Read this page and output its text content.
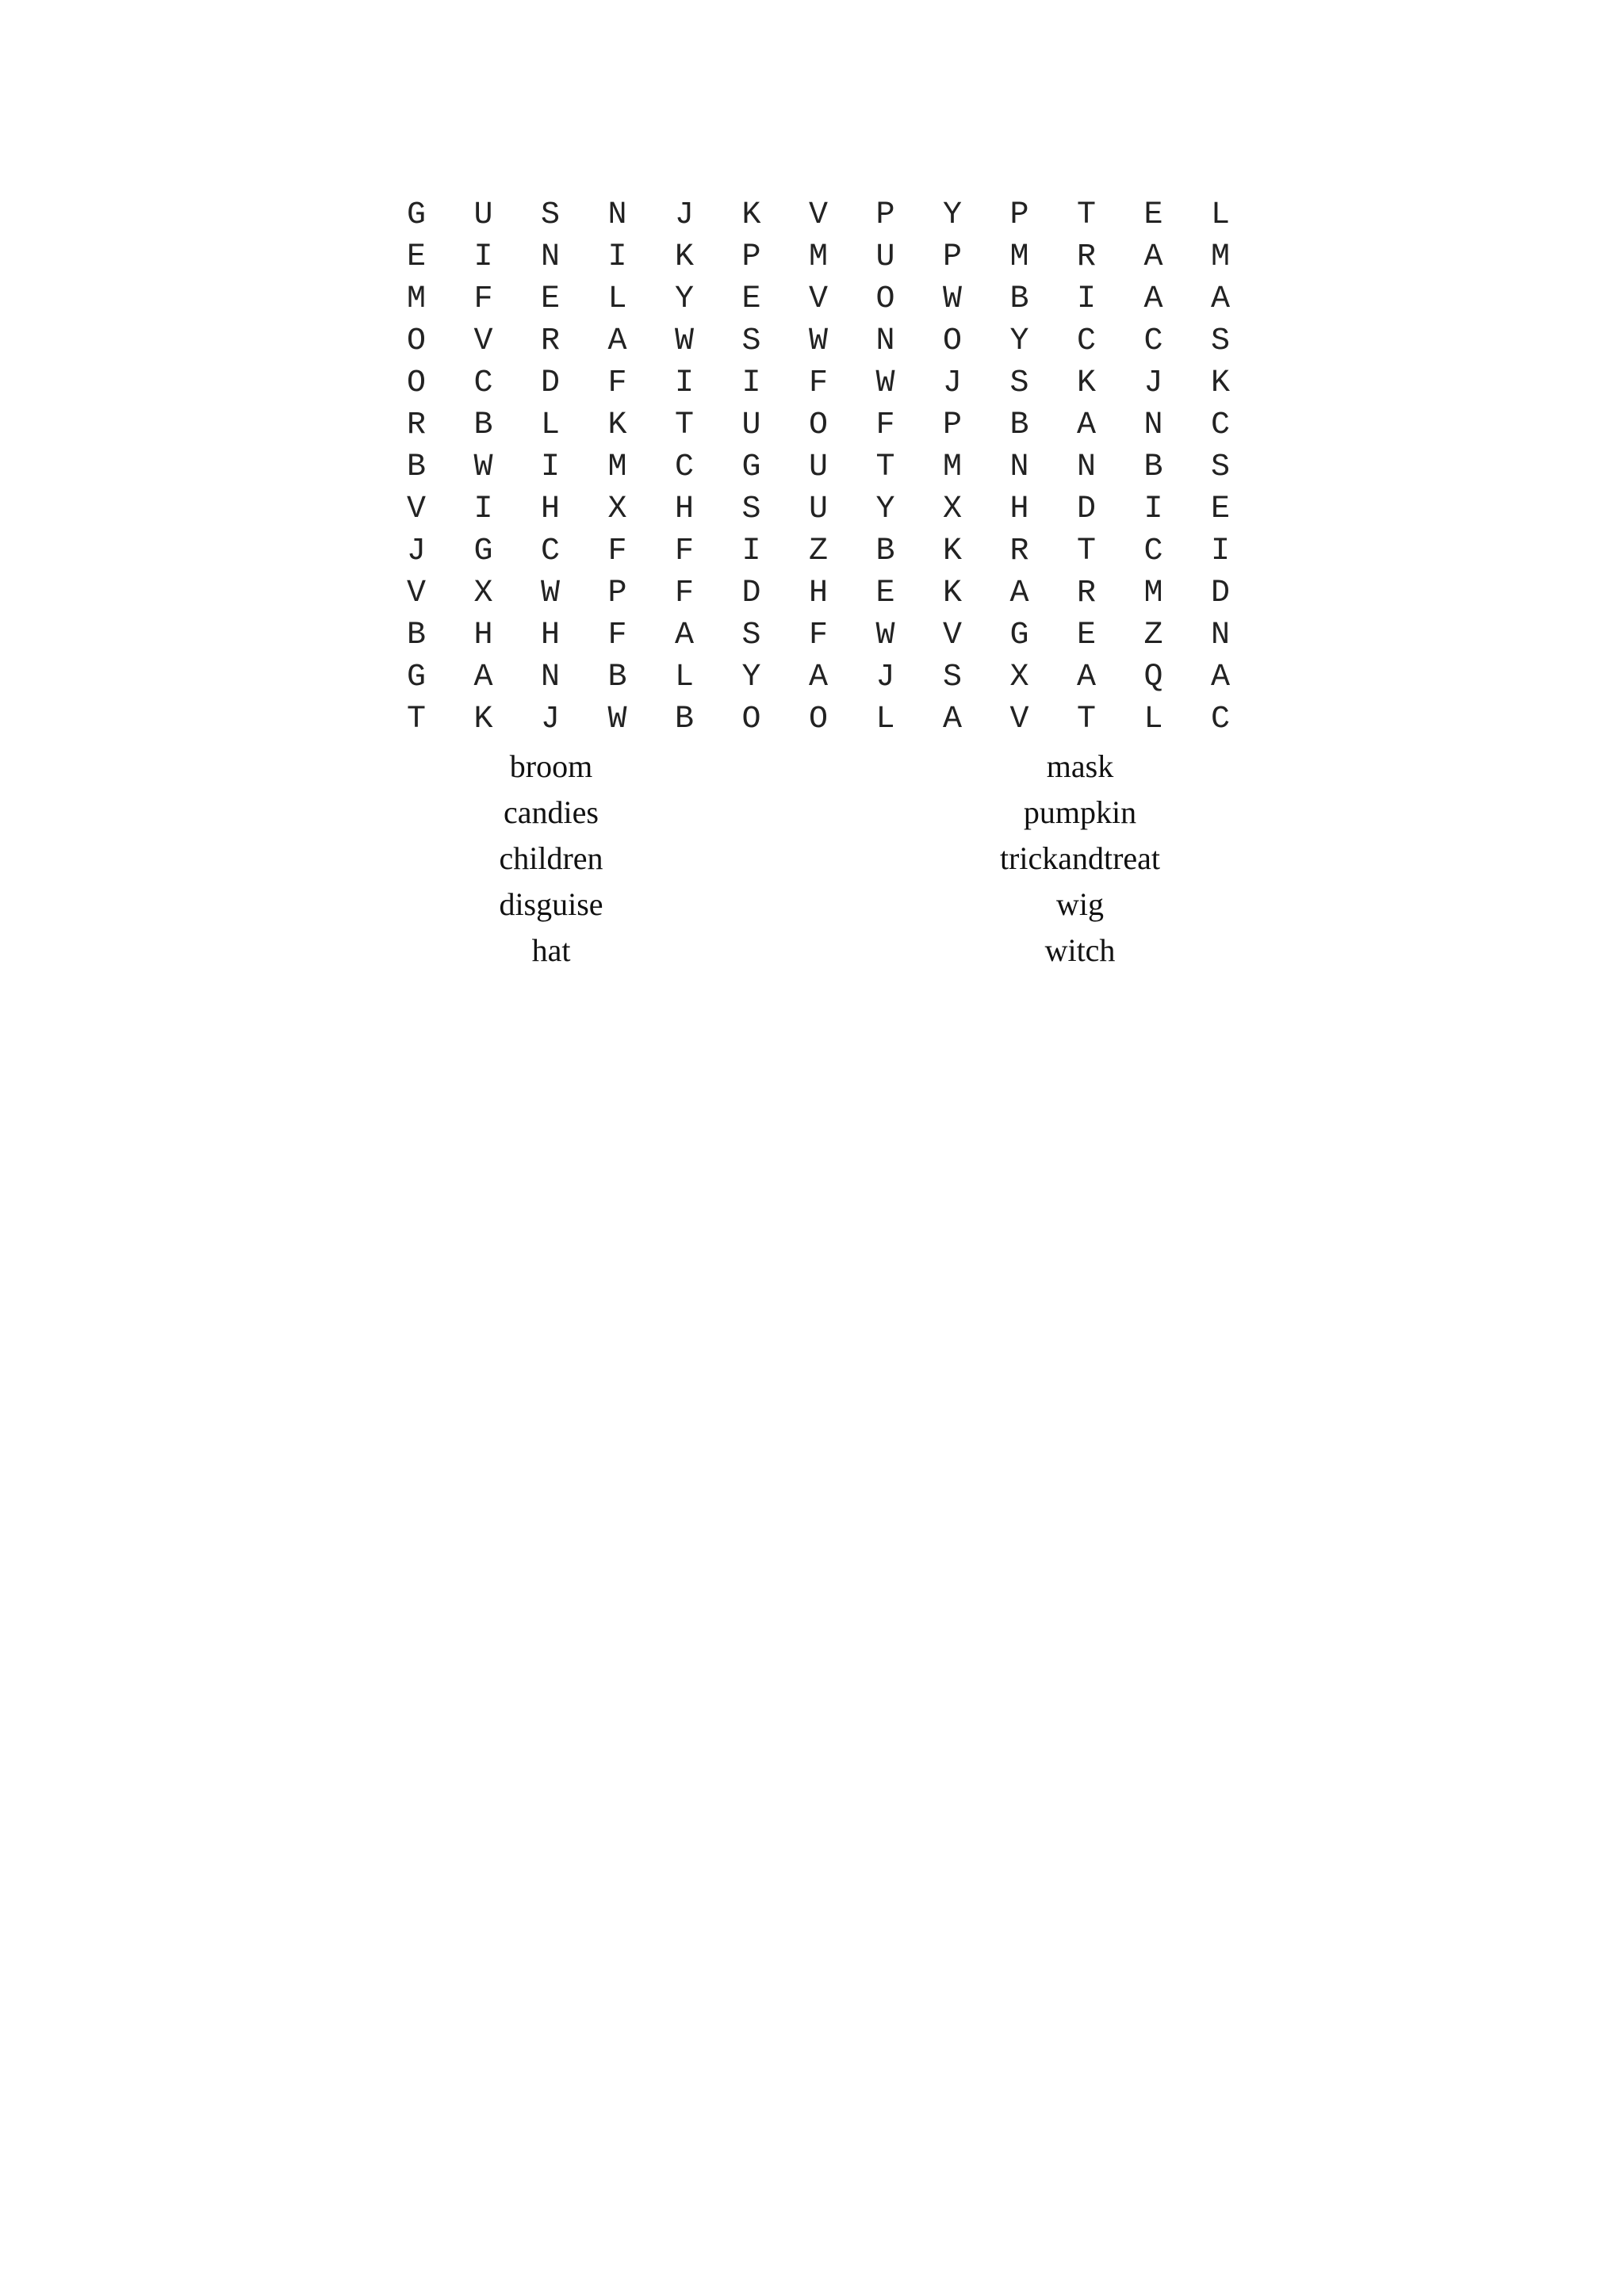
G	U	S	N	J	K	V	P	Y	P	T	E	L
E	I	N	I	K	P	M	U	P	M	R	A	M
M	F	E	L	Y	E	V	O	W	B	I	A	A
O	V	R	A	W	S	W	N	O	Y	C	C	S
O	C	D	F	I	I	F	W	J	S	K	J	K
R	B	L	K	T	U	O	F	P	B	A	N	C
B	W	I	M	C	G	U	T	M	N	N	B	S
V	I	H	X	H	S	U	Y	X	H	D	I	E
J	G	C	F	F	I	Z	B	K	R	T	C	I
V	X	W	P	F	D	H	E	K	A	R	M	D
B	H	H	F	A	S	F	W	V	G	E	Z	N
G	A	N	B	L	Y	A	J	S	X	A	Q	A
T	K	J	W	B	O	O	L	A	V	T	L	C
broom
candies
children
disguise
hat
mask
pumpkin
trickandtreat
wig
witch
